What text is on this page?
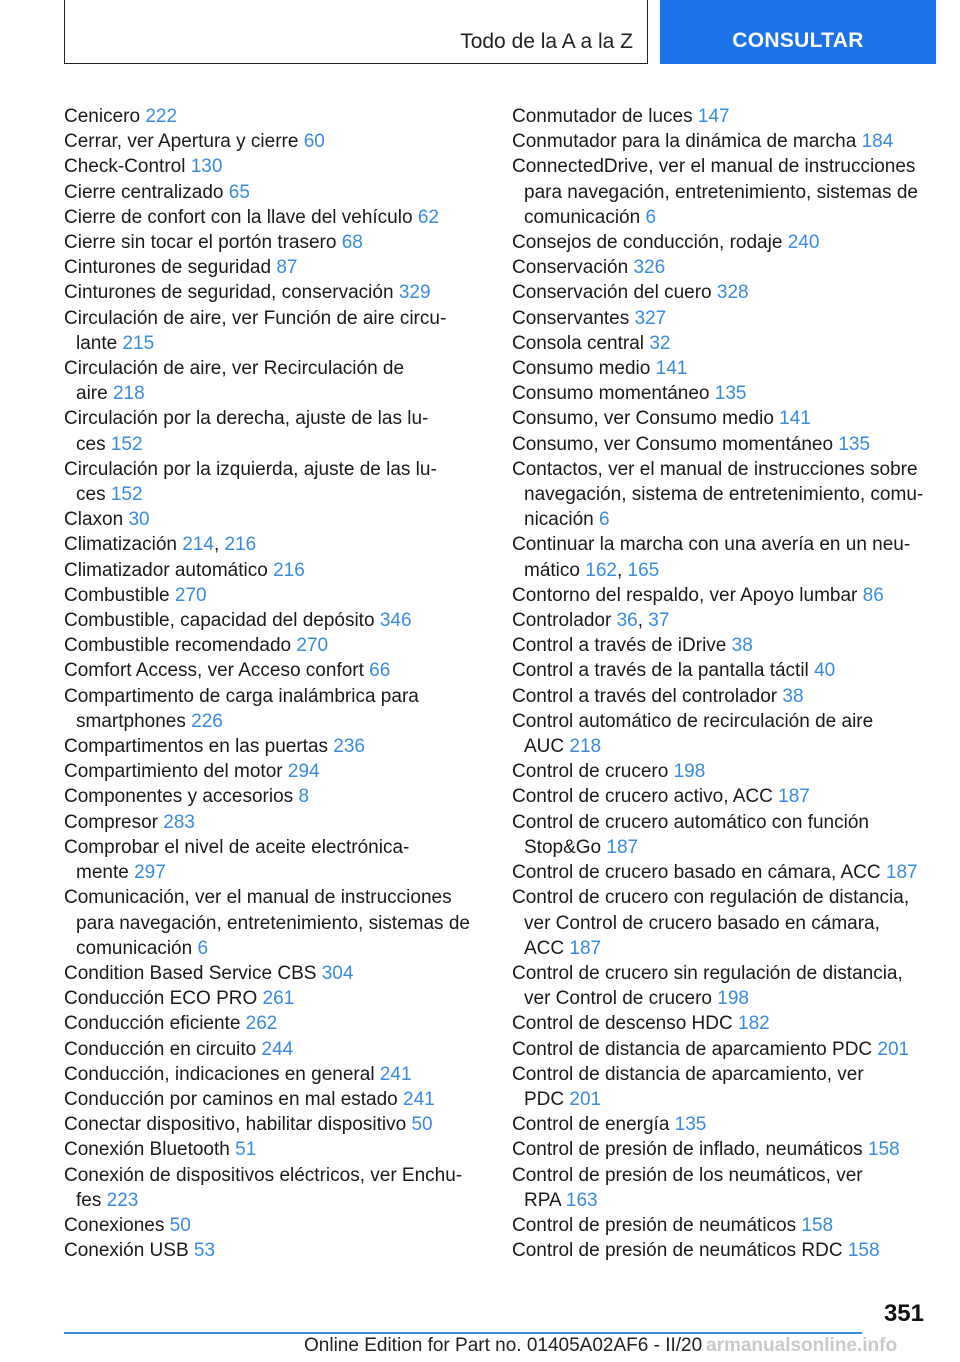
Todo de la A a la Z	CONSULTAR
Cenicero 222
Cerrar, ver Apertura y cierre 60
Check-Control 130
Cierre centralizado 65
Cierre de confort con la llave del vehículo 62
Cierre sin tocar el portón trasero 68
Cinturones de seguridad 87
Cinturones de seguridad, conservación 329
Circulación de aire, ver Función de aire circu-
lante 215
Circulación de aire, ver Recirculación de
aire 218
Circulación por la derecha, ajuste de las lu-
ces 152
Circulación por la izquierda, ajuste de las lu-
ces 152
Claxon 30
Climatización 214, 216
Climatizador automático 216
Combustible 270
Combustible, capacidad del depósito 346
Combustible recomendado 270
Comfort Access, ver Acceso confort 66
Compartimento de carga inalámbrica para
smartphones 226
Compartimentos en las puertas 236
Compartimiento del motor 294
Componentes y accesorios 8
Compresor 283
Comprobar el nivel de aceite electrónica-
mente 297
Comunicación, ver el manual de instrucciones
para navegación, entretenimiento, sistemas de
comunicación 6
Condition Based Service CBS 304
Conducción ECO PRO 261
Conducción eficiente 262
Conducción en circuito 244
Conducción, indicaciones en general 241
Conducción por caminos en mal estado 241
Conectar dispositivo, habilitar dispositivo 50
Conexión Bluetooth 51
Conexión de dispositivos eléctricos, ver Enchu-
fes 223
Conexiones 50
Conexión USB 53
Conmutador de luces 147
Conmutador para la dinámica de marcha 184
ConnectedDrive, ver el manual de instrucciones
para navegación, entretenimiento, sistemas de
comunicación 6
Consejos de conducción, rodaje 240
Conservación 326
Conservación del cuero 328
Conservantes 327
Consola central 32
Consumo medio 141
Consumo momentáneo 135
Consumo, ver Consumo medio 141
Consumo, ver Consumo momentáneo 135
Contactos, ver el manual de instrucciones sobre
navegación, sistema de entretenimiento, comu-
nicación 6
Continuar la marcha con una avería en un neu-
mático 162, 165
Contorno del respaldo, ver Apoyo lumbar 86
Controlador 36, 37
Control a través de iDrive 38
Control a través de la pantalla táctil 40
Control a través del controlador 38
Control automático de recirculación de aire
AUC 218
Control de crucero 198
Control de crucero activo, ACC 187
Control de crucero automático con función
Stop&Go 187
Control de crucero basado en cámara, ACC 187
Control de crucero con regulación de distancia,
ver Control de crucero basado en cámara,
ACC 187
Control de crucero sin regulación de distancia,
ver Control de crucero 198
Control de descenso HDC 182
Control de distancia de aparcamiento PDC 201
Control de distancia de aparcamiento, ver
PDC 201
Control de energía 135
Control de presión de inflado, neumáticos 158
Control de presión de los neumáticos, ver
RPA 163
Control de presión de neumáticos 158
Control de presión de neumáticos RDC 158
351
Online Edition for Part no. 01405A02AF6 - II/20 armanualsonline.info
